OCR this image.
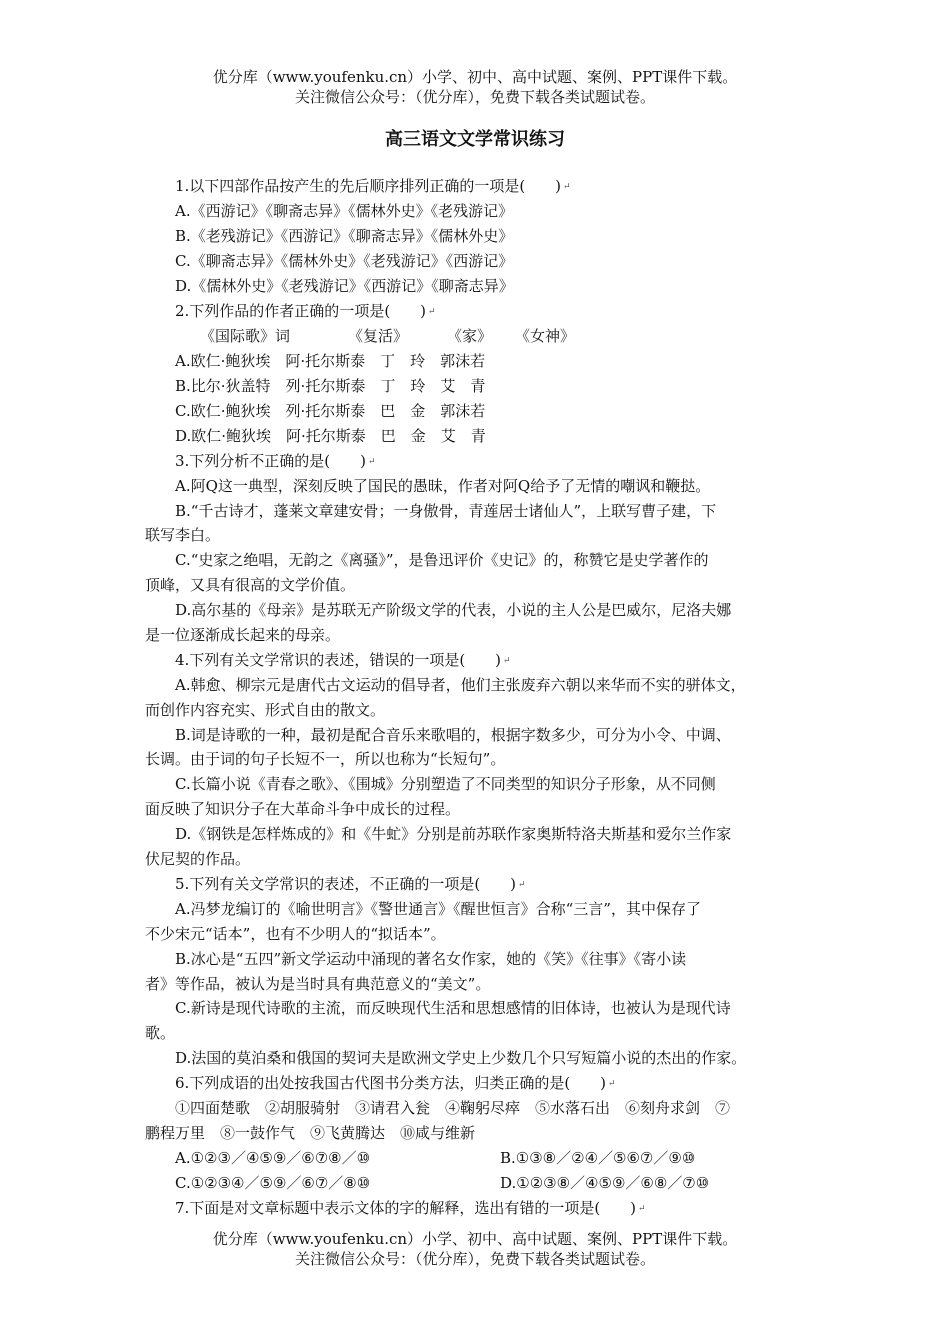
优分库（www.youfenku.cn）小学、初中、高中试题、案例、PPT课件下载。
关注微信公众号：（优分库），免费下载各类试题试卷。
高三语文文学常识练习
1.以下四部作品按产生的先后顺序排列正确的一项是(　　) ↵
A.《西游记》《聊斋志异》《儒林外史》《老残游记》
B.《老残游记》《西游记》《聊斋志异》《儒林外史》
C.《聊斋志异》《儒林外史》《老残游记》《西游记》
D.《儒林外史》《老残游记》《西游记》《聊斋志异》
2.下列作品的作者正确的一项是(　　) ↵
《国际歌》词	《复活》	《家》 《女神》
A.欧仁·鲍狄埃　阿·托尔斯泰　丁　玲　郭沫若
B.比尔·狄盖特　列·托尔斯泰　丁　玲　艾　青
C.欧仁·鲍狄埃　列·托尔斯泰　巴　金　郭沫若
D.欧仁·鲍狄埃　阿·托尔斯泰　巴　金　艾　青
3.下列分析不正确的是(　　) ↵
A.阿Q这一典型，深刻反映了国民的愚昧，作者对阿Q给予了无情的嘲讽和鞭挞。
B.“千古诗才，蓬莱文章建安骨；一身傲骨，青莲居士诸仙人”，上联写曹子建，下
联写李白。
C.“史家之绝唱，无韵之《离骚》”，是鲁迅评价《史记》的，称赞它是史学著作的
顶峰，又具有很高的文学价值。
D.高尔基的《母亲》是苏联无产阶级文学的代表，小说的主人公是巴威尔，尼洛夫娜
是一位逐渐成长起来的母亲。
4.下列有关文学常识的表述，错误的一项是(　　) ↵
A.韩愈、柳宗元是唐代古文运动的倡导者，他们主张废弃六朝以来华而不实的骈体文，
而创作内容充实、形式自由的散文。
B.词是诗歌的一种，最初是配合音乐来歌唱的，根据字数多少，可分为小令、中调、
长调。由于词的句子长短不一，所以也称为“长短句”。
C.长篇小说《青春之歌》、《围城》分别塑造了不同类型的知识分子形象，从不同侧
面反映了知识分子在大革命斗争中成长的过程。
D.《钢铁是怎样炼成的》和《牛虻》分别是前苏联作家奥斯特洛夫斯基和爱尔兰作家
伏尼契的作品。
5.下列有关文学常识的表述，不正确的一项是(　　) ↵
A.冯梦龙编订的《喻世明言》《警世通言》《醒世恒言》合称“三言”，其中保存了
不少宋元“话本”，也有不少明人的“拟话本”。
B.冰心是“五四”新文学运动中涌现的著名女作家，她的《笑》《往事》《寄小读
者》等作品，被认为是当时具有典范意义的“美文”。
C.新诗是现代诗歌的主流，而反映现代生活和思想感情的旧体诗，也被认为是现代诗
歌。
D.法国的莫泊桑和俄国的契诃夫是欧洲文学史上少数几个只写短篇小说的杰出的作家。
6.下列成语的出处按我国古代图书分类方法，归类正确的是(　　) ↵
①四面楚歌　②胡服骑射　③请君入瓮　④鞠躬尽瘁　⑤水落石出　⑥刻舟求剑　⑦
鹏程万里　⑧一鼓作气　⑨飞黄腾达　⑩咸与维新
A.①②③／④⑤⑨／⑥⑦⑧／⑩	B.①③⑧／②④／⑤⑥⑦／⑨⑩
C.①②③④／⑤⑨／⑥⑦／⑧⑩	D.①②③⑧／④⑤⑨／⑥⑧／⑦⑩
7.下面是对文章标题中表示文体的字的解释，选出有错的一项是(　　) ↵
优分库（www.youfenku.cn）小学、初中、高中试题、案例、PPT课件下载。
关注微信公众号：（优分库），免费下载各类试题试卷。
